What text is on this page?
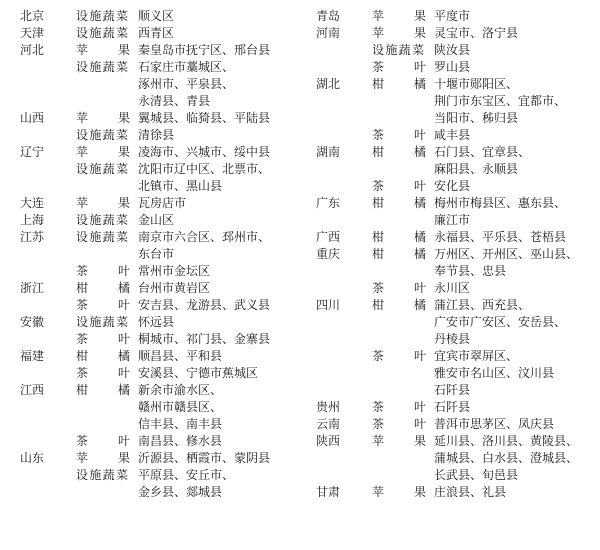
北京	设施蔬菜	顺义区

天津	设施蔬菜	西青区

河北	苹果	秦皇岛市抚宁区、邢台县

	设施蔬菜	石家庄市藁城区、
涿州市、平泉县、
永清县、青县

山西	苹果	翼城县、临猗县、平陆县

	设施蔬菜	清徐县

辽宁	苹果	凌海市、兴城市、绥中县

	设施蔬菜	沈阳市辽中区、北票市、
北镇市、黑山县

大连	苹果	瓦房店市

上海	设施蔬菜	金山区

江苏	设施蔬菜	南京市六合区、邳州市、
东台市

	茶叶	常州市金坛区

浙江	柑橘	台州市黄岩区

	茶叶	安吉县、龙游县、武义县

安徽	设施蔬菜	怀远县

	茶叶	桐城市、祁门县、金寨县

福建	柑橘	顺昌县、平和县

	茶叶	安溪县、宁德市蕉城区

江西	柑橘	新余市渝水区、
赣州市赣县区、
信丰县、南丰县

	茶叶	南昌县、修水县

山东	苹果	沂源县、栖霞市、蒙阴县

	设施蔬菜	平原县、安丘市、
金乡县、郯城县
青岛	苹果	平度市

河南	苹果	灵宝市、洛宁县

	设施蔬菜	陕汝县

	茶叶	罗山县

湖北	柑橘	十堰市郧阳区、
荆门市东宝区、宜都市、
当阳市、秭归县

	茶叶	咸丰县

湖南	柑橘	石门县、宜章县、
麻阳县、永顺县

	茶叶	安化县

广东	柑橘	梅州市梅县区、惠东县、
廉江市

广西	柑橘	永福县、平乐县、苍梧县

重庆	柑橘	万州区、开州区、巫山县、
奉节县、忠县

	茶叶	永川区

四川	柑橘	蒲江县、西充县、
广安市广安区、安岳县、
丹棱县

	茶叶	宜宾市翠屏区、
雅安市名山区、汶川县
石阡县

贵州	茶叶	石阡县

云南	茶叶	普洱市思茅区、凤庆县

陕西	苹果	延川县、洛川县、黄陵县、
蒲城县、白水县、澄城县、
长武县、旬邑县

甘肃	苹果	庄浪县、礼县
